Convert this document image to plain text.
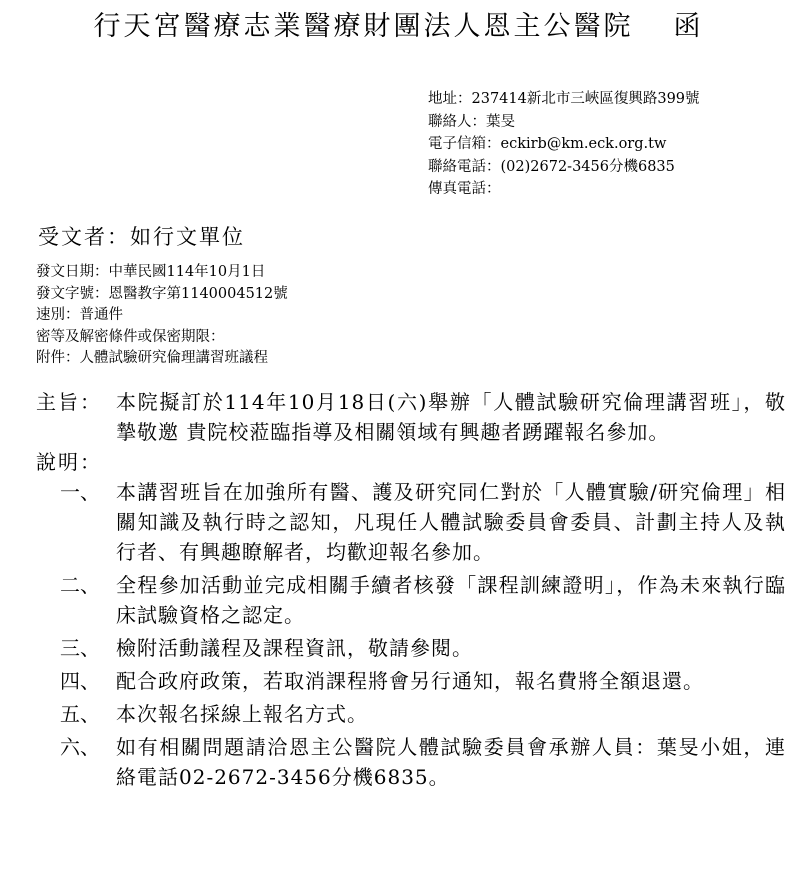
行天宮醫療志業醫療財團法人恩主公醫院 函
地址：237414新北市三峽區復興路399號
聯絡人：葉旻
電子信箱：eckirb@km.eck.org.tw
聯絡電話：(02)2672-3456分機6835
傳真電話：
受文者：如行文單位
發文日期：中華民國114年10月1日
發文字號：恩醫教字第1140004512號
速別：普通件
密等及解密條件或保密期限：
附件：人體試驗研究倫理講習班議程
主旨： 本院擬訂於114年10月18日(六)舉辦「人體試驗研究倫理講習班」，敬摯敬邀 貴院校蒞臨指導及相關領域有興趣者踴躍報名參加。
說明：
一、 本講習班旨在加強所有醫、護及研究同仁對於「人體實驗/研究倫理」相關知識及執行時之認知，凡現任人體試驗委員會委員、計劃主持人及執行者、有興趣瞭解者，均歡迎報名參加。
二、 全程參加活動並完成相關手續者核發「課程訓練證明」，作為未來執行臨床試驗資格之認定。
三、 檢附活動議程及課程資訊，敬請參閱。
四、 配合政府政策，若取消課程將會另行通知，報名費將全額退還。
五、 本次報名採線上報名方式。
六、 如有相關問題請洽恩主公醫院人體試驗委員會承辦人員：葉旻小姐，連絡電話02-2672-3456分機6835。
